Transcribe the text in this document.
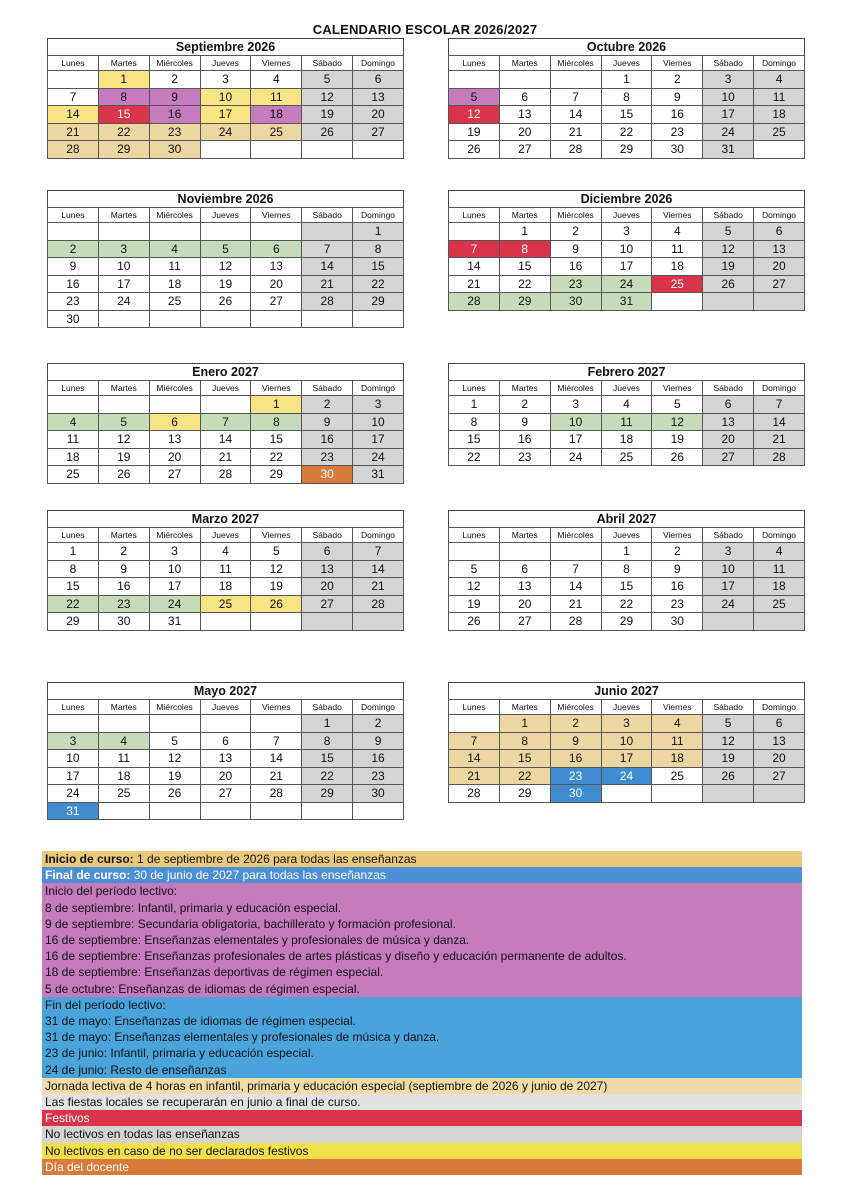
CALENDARIO ESCOLAR 2026/2027
Septiembre 2026
Lunes	Martes	Miércoles	Jueves	Viernes	Sábado	Domingo
	1	2	3	4	5	6
7	8	9	10	11	12	13
14	15	16	17	18	19	20
21	22	23	24	25	26	27
28	29	30				
Octubre 2026
Lunes	Martes	Miércoles	Jueves	Viernes	Sábado	Domingo
			1	2	3	4
5	6	7	8	9	10	11
12	13	14	15	16	17	18
19	20	21	22	23	24	25
26	27	28	29	30	31	
Noviembre 2026
Lunes	Martes	Miércoles	Jueves	Viernes	Sábado	Domingo
						1
2	3	4	5	6	7	8
9	10	11	12	13	14	15
16	17	18	19	20	21	22
23	24	25	26	27	28	29
30						
Diciembre 2026
Lunes	Martes	Miércoles	Jueves	Viernes	Sábado	Domingo
	1	2	3	4	5	6
7	8	9	10	11	12	13
14	15	16	17	18	19	20
21	22	23	24	25	26	27
28	29	30	31			
Enero 2027
Lunes	Martes	Miércoles	Jueves	Viernes	Sábado	Domingo
				1	2	3
4	5	6	7	8	9	10
11	12	13	14	15	16	17
18	19	20	21	22	23	24
25	26	27	28	29	30	31
Febrero 2027
Lunes	Martes	Miércoles	Jueves	Viernes	Sábado	Domingo
1	2	3	4	5	6	7
8	9	10	11	12	13	14
15	16	17	18	19	20	21
22	23	24	25	26	27	28
Marzo 2027
Lunes	Martes	Miércoles	Jueves	Viernes	Sábado	Domingo
1	2	3	4	5	6	7
8	9	10	11	12	13	14
15	16	17	18	19	20	21
22	23	24	25	26	27	28
29	30	31				
Abril 2027
Lunes	Martes	Miércoles	Jueves	Viernes	Sábado	Domingo
			1	2	3	4
5	6	7	8	9	10	11
12	13	14	15	16	17	18
19	20	21	22	23	24	25
26	27	28	29	30		
Mayo 2027
Lunes	Martes	Miércoles	Jueves	Viernes	Sábado	Domingo
					1	2
3	4	5	6	7	8	9
10	11	12	13	14	15	16
17	18	19	20	21	22	23
24	25	26	27	28	29	30
31						
Junio 2027
Lunes	Martes	Miércoles	Jueves	Viernes	Sábado	Domingo
	1	2	3	4	5	6
7	8	9	10	11	12	13
14	15	16	17	18	19	20
21	22	23	24	25	26	27
28	29	30				
Inicio de curso: 1 de septiembre de 2026 para todas las enseñanzas
Final de curso: 30 de junio de 2027 para todas las enseñanzas
Inicio del período lectivo:
8 de septiembre: Infantil, primaria y educación especial.
9 de septiembre: Secundaria obligatoria, bachillerato y formación profesional.
16 de septiembre: Enseñanzas elementales y profesionales de música y danza.
16 de septiembre: Enseñanzas profesionales de artes plásticas y diseño y educación permanente de adultos.
18 de septiembre: Enseñanzas deportivas de régimen especial.
5 de octubre: Enseñanzas de idiomas de régimen especial.
Fin del período lectivo:
31 de mayo: Enseñanzas de idiomas de régimen especial.
31 de mayo: Enseñanzas elementales y profesionales de música y danza.
23 de junio: Infantil, primaria y educación especial.
24 de junio: Resto de enseñanzas
Jornada lectiva de 4 horas en infantil, primaria y educación especial (septiembre de 2026 y junio de 2027)
Las fiestas locales se recuperarán en junio a final de curso.
Festivos
No lectivos en todas las enseñanzas
No lectivos en caso de no ser declarados festivos
Día del docente
